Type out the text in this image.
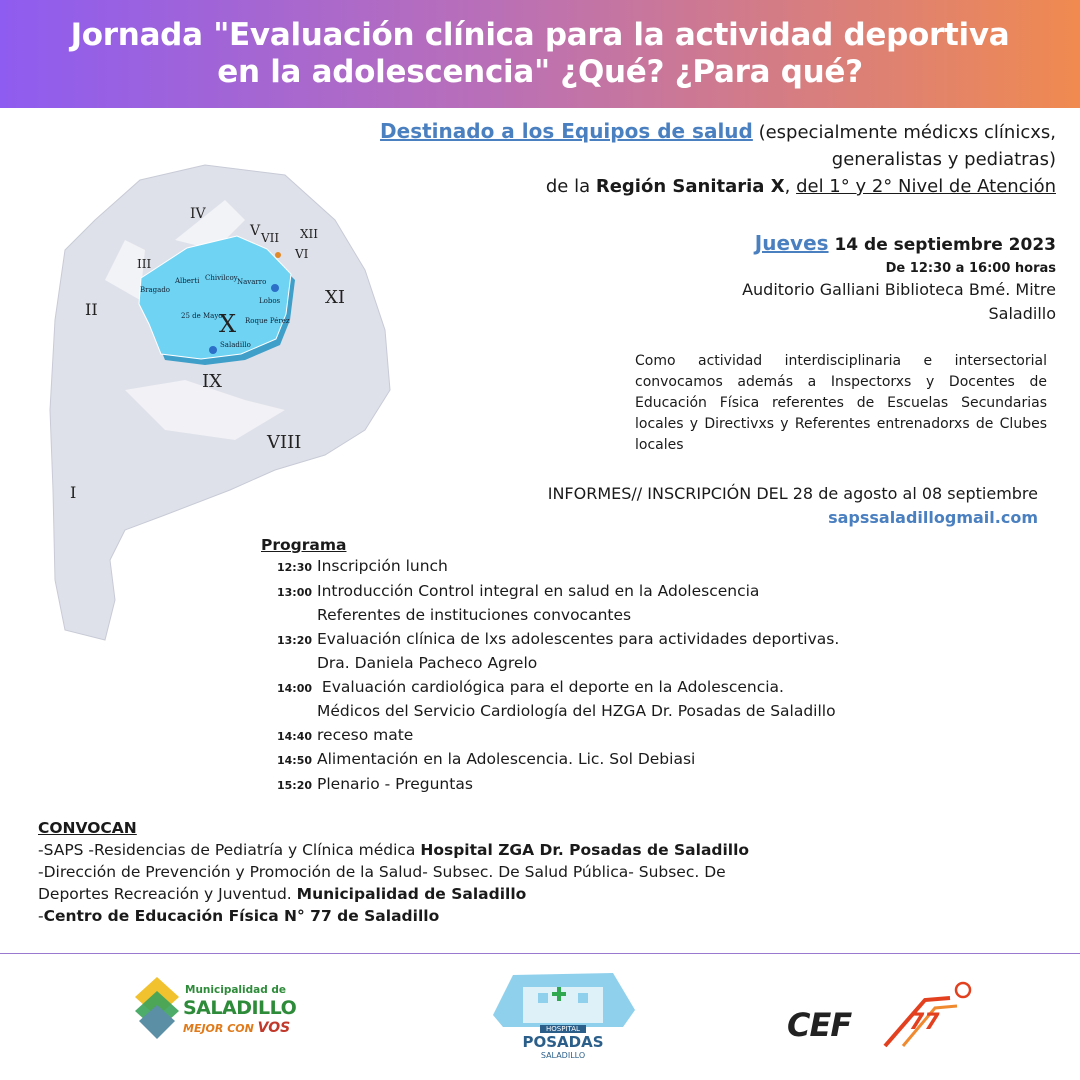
Jornada "Evaluación clínica para la actividad deportiva
en la adolescencia" ¿Qué? ¿Para qué?
IV
V VII XII
VI
III
XI
II
X
IX
VIII
I
Bragado
Alberti Chivilcoy Navarro
25 de Mayo
Roque Pérez
Saladillo
Lobos
Destinado a los Equipos de salud (especialmente médicxs clínicxs,
generalistas y pediatras)
de la Región Sanitaria X, del 1° y 2° Nivel de Atención
Jueves 14 de septiembre 2023
De 12:30 a 16:00 horas
Auditorio Galliani Biblioteca Bmé. Mitre
Saladillo
Como actividad interdisciplinaria e intersectorial convocamos además a Inspectorxs y Docentes de Educación Física referentes de Escuelas Secundarias locales y Directivxs y Referentes entrenadorxs de Clubes locales
INFORMES// INSCRIPCIÓN DEL 28 de agosto al 08 septiembre
sapssaladillogmail.com
Programa
12:30 Inscripción lunch
13:00 Introducción Control integral en salud en la Adolescencia
Referentes de instituciones convocantes
13:20 Evaluación clínica de lxs adolescentes para actividades deportivas.
Dra. Daniela Pacheco Agrelo
14:00 Evaluación cardiológica para el deporte en la Adolescencia.
Médicos del Servicio Cardiología del HZGA Dr. Posadas de Saladillo
14:40 receso mate
14:50 Alimentación en la Adolescencia. Lic. Sol Debiasi
15:20 Plenario - Preguntas
CONVOCAN
-SAPS -Residencias de Pediatría y Clínica médica Hospital ZGA Dr. Posadas de Saladillo
-Dirección de Prevención y Promoción de la Salud- Subsec. De Salud Pública- Subsec. De
Deportes Recreación y Juventud. Municipalidad de Saladillo
-Centro de Educación Física N° 77 de Saladillo
Municipalidad de
SALADILLO
MEJOR CON VOS	HOSPITAL
POSADAS
SALADILLO
CEF	77
